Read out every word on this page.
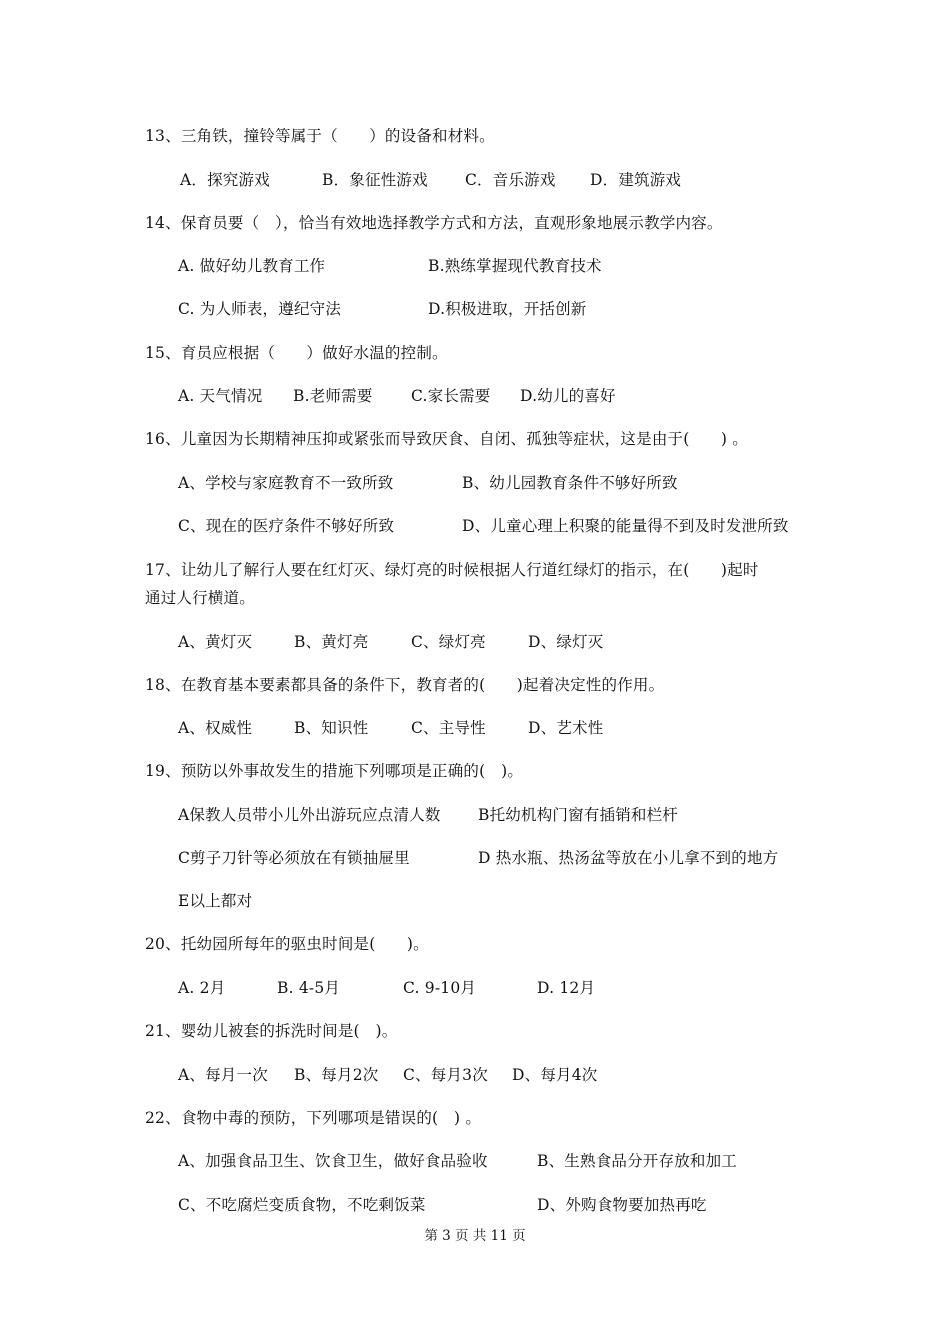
13、三角铁，撞铃等属于（　　）的设备和材料。
A．探究游戏	B．象征性游戏 C．音乐游戏 D．建筑游戏
14、保育员要（　），恰当有效地选择教学方式和方法，直观形象地展示教学内容。
A. 做好幼儿教育工作	B.熟练掌握现代教育技术
C. 为人师表，遵纪守法	D.积极进取，开括创新
15、育员应根据（　　）做好水温的控制。
A. 天气情况 B.老师需要 C.家长需要 D.幼儿的喜好
16、儿童因为长期精神压抑或紧张而导致厌食、自闭、孤独等症状，这是由于(　　) 。
A、学校与家庭教育不一致所致	B、幼儿园教育条件不够好所致
C、现在的医疗条件不够好所致	D、儿童心理上积聚的能量得不到及时发泄所致
17、让幼儿了解行人要在红灯灭、绿灯亮的时候根据人行道红绿灯的指示，在(　　)起时
通过人行横道。
A、黄灯灭	B、黄灯亮	C、绿灯亮	D、绿灯灭
18、在教育基本要素都具备的条件下，教育者的(　　)起着决定性的作用。
A、权威性	B、知识性	C、主导性	D、艺术性
19、预防以外事故发生的措施下列哪项是正确的(　)。
A保教人员带小儿外出游玩应点清人数 B托幼机构门窗有插销和栏杆
C剪子刀针等必须放在有锁抽屉里	D 热水瓶、热汤盆等放在小儿拿不到的地方
E以上都对
20、托幼园所每年的驱虫时间是(　　)。
A. 2月	B. 4-5月	C. 9-10月	D. 12月
21、婴幼儿被套的拆洗时间是(　)。
A、每月一次 B、每月2次 C、每月3次 D、每月4次
22、食物中毒的预防，下列哪项是错误的(　) 。
A、加强食品卫生、饮食卫生，做好食品验收	B、生熟食品分开存放和加工
C、不吃腐烂变质食物，不吃剩饭菜	D、外购食物要加热再吃
第 3 页 共 11 页
